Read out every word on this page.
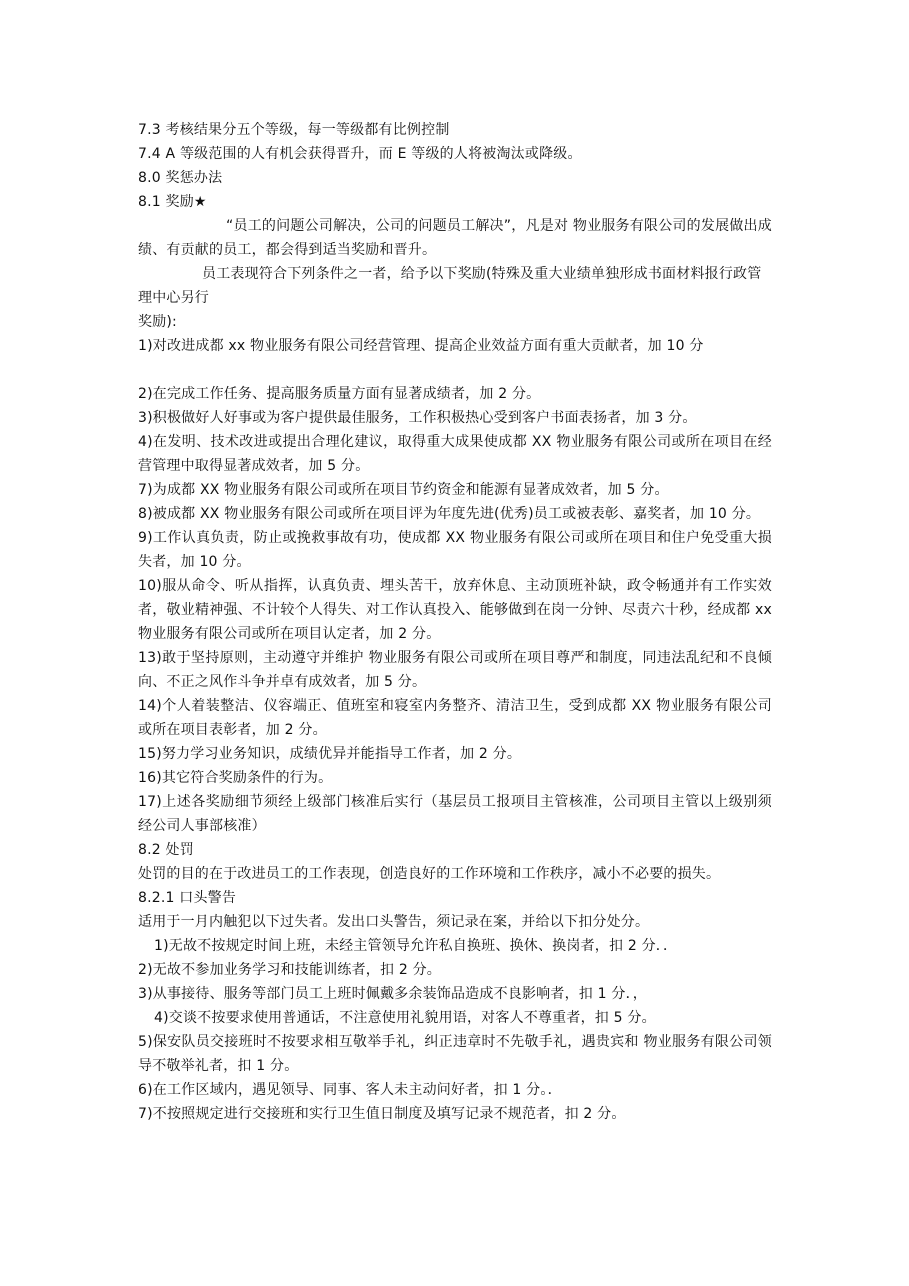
7.3 考核结果分五个等级，每一等级都有比例控制

7.4 A 等级范围的人有机会获得晋升，而 E 等级的人将被淘汰或降级。

8.0 奖惩办法

8.1 奖励★

“员工的问题公司解决，公司的问题员工解决”，凡是对 物业服务有限公司的发展做出成绩、有贡献的员工，都会得到适当奖励和晋升。

员工表现符合下列条件之一者，给予以下奖励(特殊及重大业绩单独形成书面材料报行政管理中心另行

奖励):

1)对改进成都 xx 物业服务有限公司经营管理、提高企业效益方面有重大贡献者，加 10 分

2)在完成工作任务、提高服务质量方面有显著成绩者，加 2 分。

3)积极做好人好事或为客户提供最佳服务，工作积极热心受到客户书面表扬者，加 3 分。

4)在发明、技术改进或提出合理化建议，取得重大成果使成都 XX 物业服务有限公司或所在项目在经营管理中取得显著成效者，加 5 分。

7)为成都 XX 物业服务有限公司或所在项目节约资金和能源有显著成效者，加 5 分。

8)被成都 XX 物业服务有限公司或所在项目评为年度先进(优秀)员工或被表彰、嘉奖者，加 10 分。

9)工作认真负责，防止或挽救事故有功，使成都 XX 物业服务有限公司或所在项目和住户免受重大损失者，加 10 分。

10)服从命令、听从指挥，认真负责、埋头苦干，放弃休息、主动顶班补缺，政令畅通并有工作实效者，敬业精神强、不计较个人得失、对工作认真投入、能够做到在岗一分钟、尽责六十秒，经成都 xx 物业服务有限公司或所在项目认定者，加 2 分。

13)敢于坚持原则，主动遵守并维护 物业服务有限公司或所在项目尊严和制度，同违法乱纪和不良倾向、不正之风作斗争并卓有成效者，加 5 分。

14)个人着装整洁、仪容端正、值班室和寝室内务整齐、清洁卫生，受到成都 XX 物业服务有限公司或所在项目表彰者，加 2 分。

15)努力学习业务知识，成绩优异并能指导工作者，加 2 分。

16)其它符合奖励条件的行为。

17)上述各奖励细节须经上级部门核准后实行（基层员工报项目主管核准，公司项目主管以上级别须经公司人事部核准）

8.2 处罚

处罚的目的在于改进员工的工作表现，创造良好的工作环境和工作秩序，减小不必要的损失。

8.2.1 口头警告

适用于一月内触犯以下过失者。发出口头警告，须记录在案，并给以下扣分处分。

1)无故不按规定时间上班，未经主管领导允许私自换班、换休、换岗者，扣 2 分．．

2)无故不参加业务学习和技能训练者，扣 2 分。

3)从事接待、服务等部门员工上班时佩戴多余装饰品造成不良影响者，扣 1 分．，

4)交谈不按要求使用普通话，不注意使用礼貌用语，对客人不尊重者，扣 5 分。

5)保安队员交接班时不按要求相互敬举手礼，纠正违章时不先敬手礼，遇贵宾和 物业服务有限公司领导不敬举礼者，扣 1 分。

6)在工作区域内，遇见领导、同事、客人未主动问好者，扣 1 分。．

7)不按照规定进行交接班和实行卫生值日制度及填写记录不规范者，扣 2 分。
